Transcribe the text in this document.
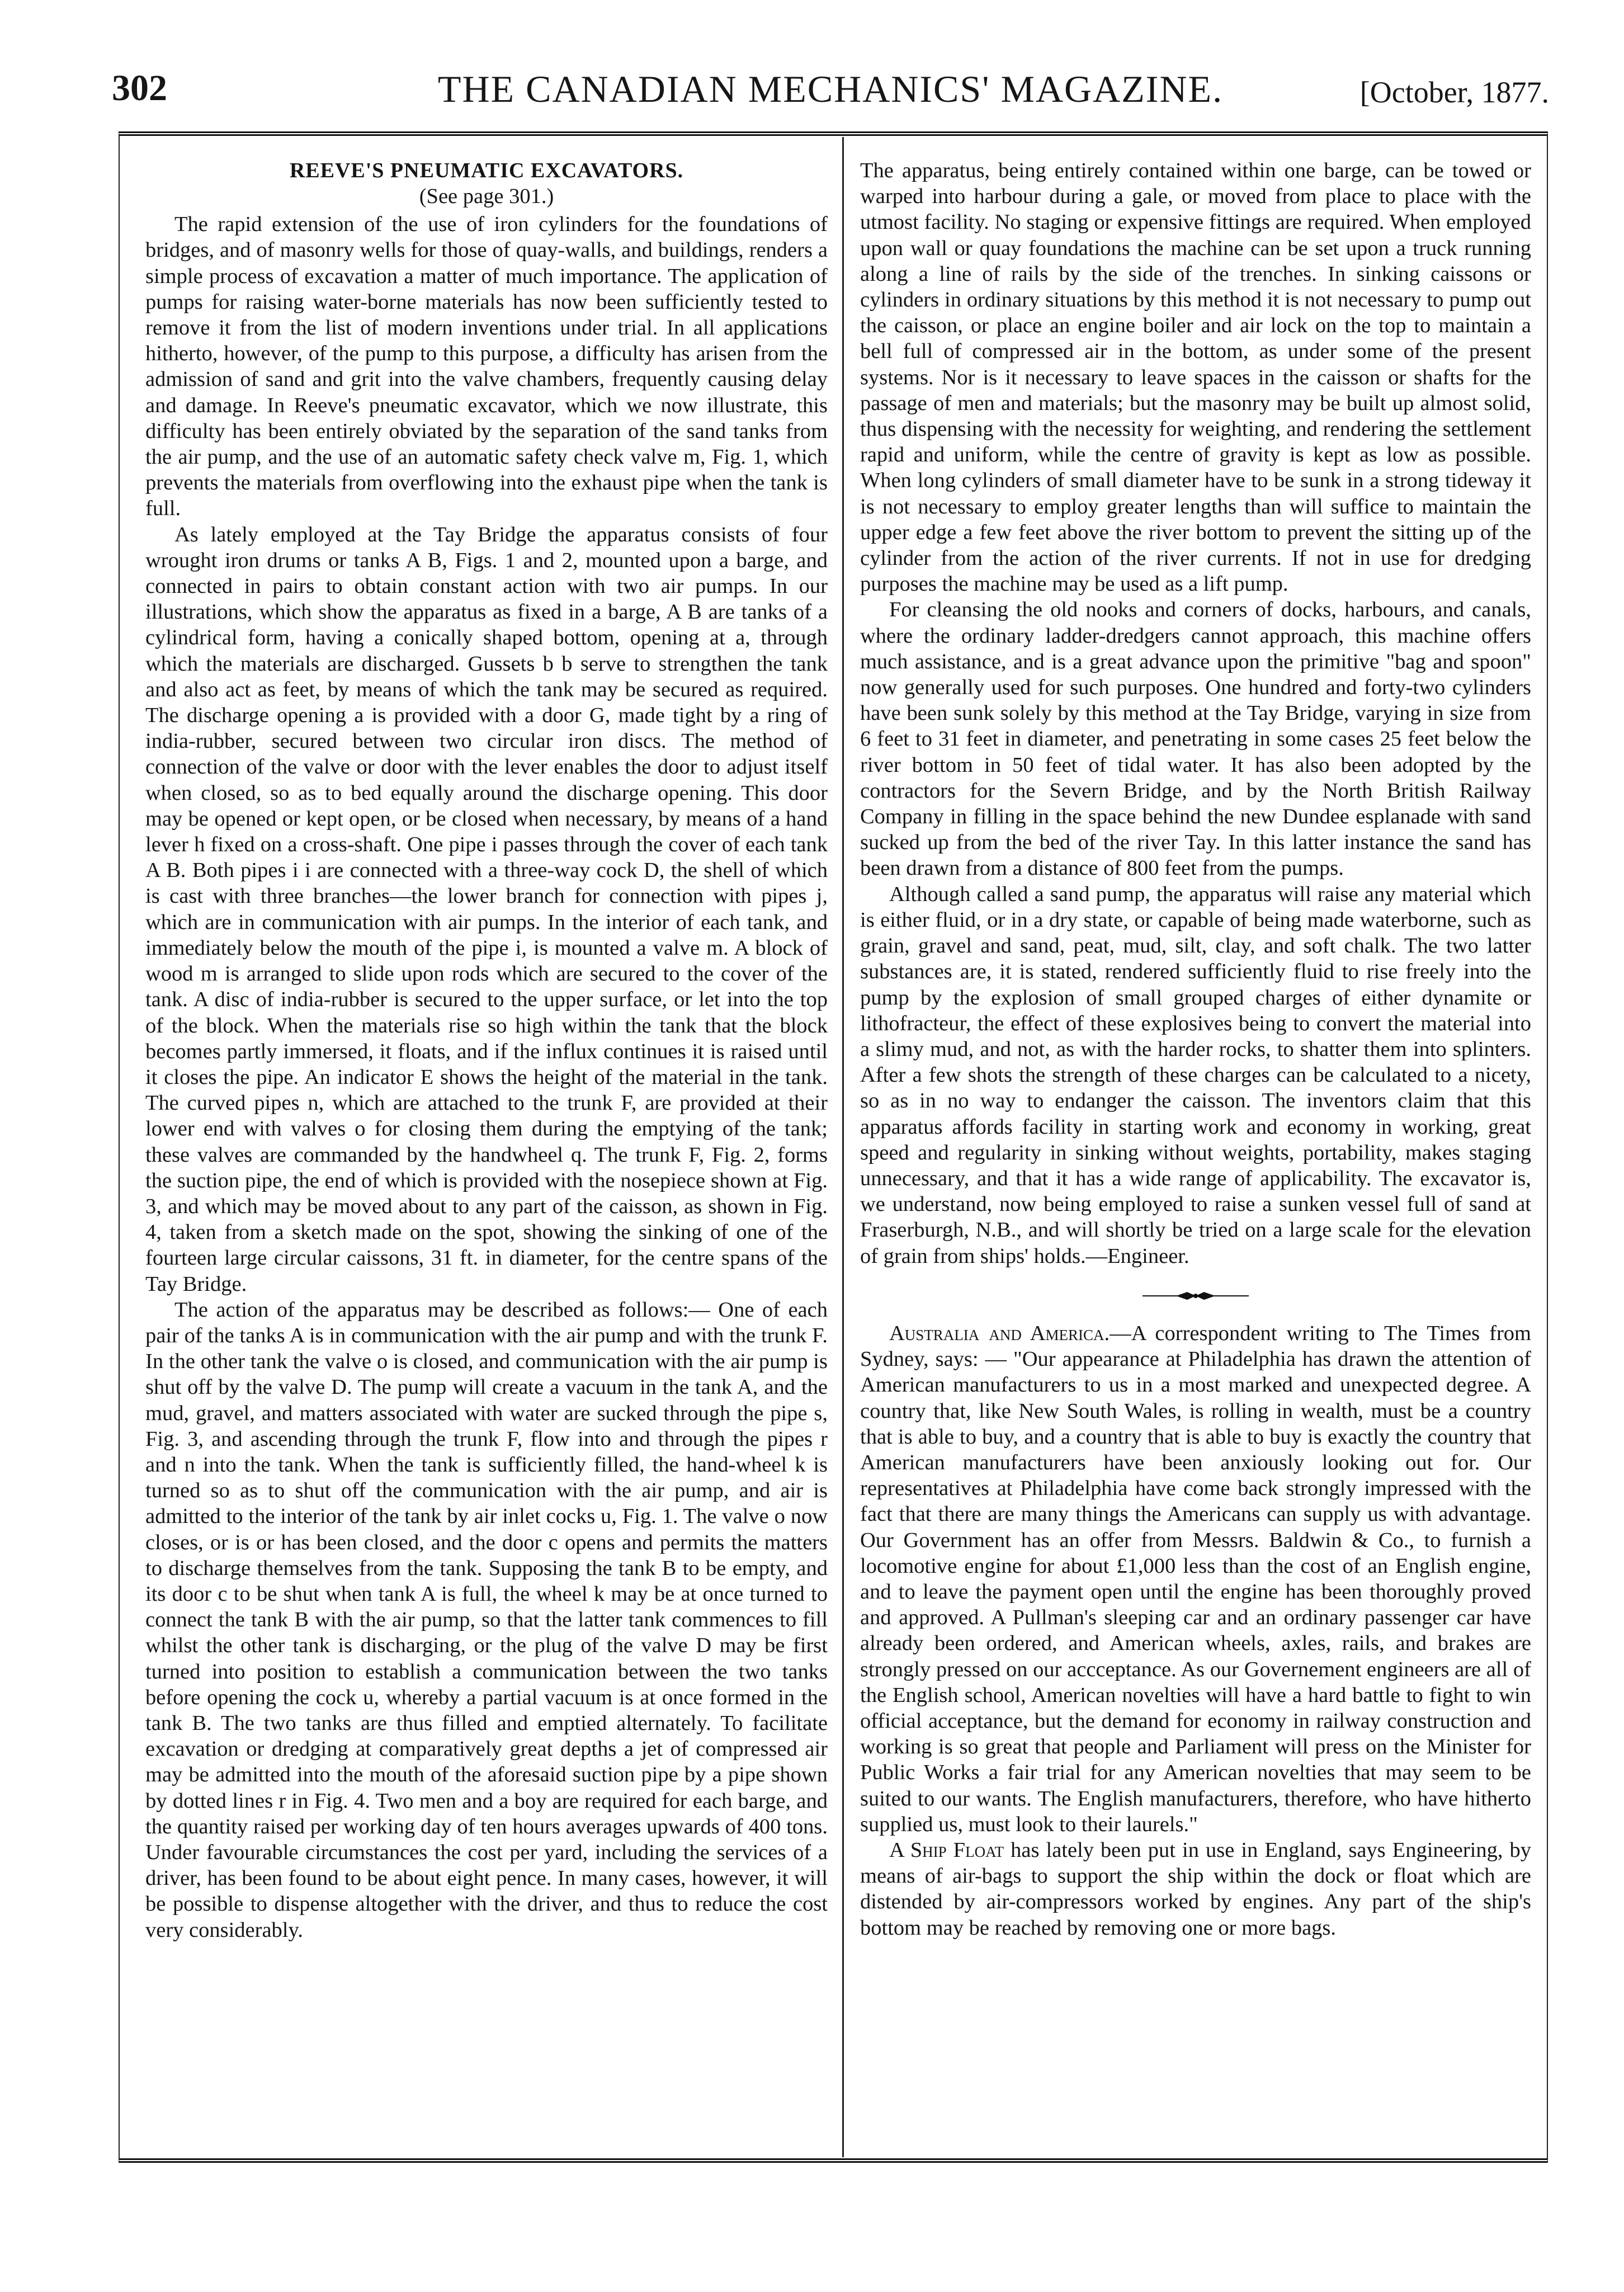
302	THE CANADIAN MECHANICS' MAGAZINE.	[October, 1877.
REEVE'S PNEUMATIC EXCAVATORS.
(See page 301.)

The rapid extension of the use of iron cylinders for the foundations of bridges, and of masonry wells for those of quay-walls, and buildings, renders a simple process of excavation a matter of much importance. The application of pumps for raising water-borne materials has now been sufficiently tested to remove it from the list of modern inventions under trial. In all applications hitherto, however, of the pump to this purpose, a difficulty has arisen from the admission of sand and grit into the valve chambers, frequently causing delay and damage. In Reeve's pneumatic excavator, which we now illustrate, this difficulty has been entirely obviated by the separation of the sand tanks from the air pump, and the use of an automatic safety check valve m, Fig. 1, which prevents the materials from overflowing into the exhaust pipe when the tank is full.

As lately employed at the Tay Bridge the apparatus consists of four wrought iron drums or tanks A B, Figs. 1 and 2, mounted upon a barge, and connected in pairs to obtain constant action with two air pumps. In our illustrations, which show the apparatus as fixed in a barge, A B are tanks of a cylindrical form, having a conically shaped bottom, opening at a, through which the materials are discharged. Gussets b b serve to strengthen the tank and also act as feet, by means of which the tank may be secured as required. The discharge opening a is provided with a door G, made tight by a ring of india-rubber, secured between two circular iron discs. The method of connection of the valve or door with the lever enables the door to adjust itself when closed, so as to bed equally around the discharge opening. This door may be opened or kept open, or be closed when necessary, by means of a hand lever h fixed on a cross-shaft. One pipe i passes through the cover of each tank A B. Both pipes i i are connected with a three-way cock D, the shell of which is cast with three branches—the lower branch for connection with pipes j, which are in communication with air pumps. In the interior of each tank, and immediately below the mouth of the pipe i, is mounted a valve m. A block of wood m is arranged to slide upon rods which are secured to the cover of the tank. A disc of india-rubber is secured to the upper surface, or let into the top of the block. When the materials rise so high within the tank that the block becomes partly immersed, it floats, and if the influx continues it is raised until it closes the pipe. An indicator E shows the height of the material in the tank. The curved pipes n, which are attached to the trunk F, are provided at their lower end with valves o for closing them during the emptying of the tank; these valves are commanded by the handwheel q. The trunk F, Fig. 2, forms the suction pipe, the end of which is provided with the nosepiece shown at Fig. 3, and which may be moved about to any part of the caisson, as shown in Fig. 4, taken from a sketch made on the spot, showing the sinking of one of the fourteen large circular caissons, 31 ft. in diameter, for the centre spans of the Tay Bridge.

The action of the apparatus may be described as follows:— One of each pair of the tanks A is in communication with the air pump and with the trunk F. In the other tank the valve o is closed, and communication with the air pump is shut off by the valve D. The pump will create a vacuum in the tank A, and the mud, gravel, and matters associated with water are sucked through the pipe s, Fig. 3, and ascending through the trunk F, flow into and through the pipes r and n into the tank. When the tank is sufficiently filled, the hand-wheel k is turned so as to shut off the communication with the air pump, and air is admitted to the interior of the tank by air inlet cocks u, Fig. 1. The valve o now closes, or is or has been closed, and the door c opens and permits the matters to discharge themselves from the tank. Supposing the tank B to be empty, and its door c to be shut when tank A is full, the wheel k may be at once turned to connect the tank B with the air pump, so that the latter tank commences to fill whilst the other tank is discharging, or the plug of the valve D may be first turned into position to establish a communication between the two tanks before opening the cock u, whereby a partial vacuum is at once formed in the tank B. The two tanks are thus filled and emptied alternately. To facilitate excavation or dredging at comparatively great depths a jet of compressed air may be admitted into the mouth of the aforesaid suction pipe by a pipe shown by dotted lines r in Fig. 4. Two men and a boy are required for each barge, and the quantity raised per working day of ten hours averages upwards of 400 tons. Under favourable circumstances the cost per yard, including the services of a driver, has been found to be about eight pence. In many cases, however, it will be possible to dispense altogether with the driver, and thus to reduce the cost very considerably.

The apparatus, being entirely contained within one barge, can be towed or warped into harbour during a gale, or moved from place to place with the utmost facility. No staging or expensive fittings are required. When employed upon wall or quay foundations the machine can be set upon a truck running along a line of rails by the side of the trenches. In sinking caissons or cylinders in ordinary situations by this method it is not necessary to pump out the caisson, or place an engine boiler and air lock on the top to maintain a bell full of compressed air in the bottom, as under some of the present systems. Nor is it necessary to leave spaces in the caisson or shafts for the passage of men and materials; but the masonry may be built up almost solid, thus dispensing with the necessity for weighting, and rendering the settlement rapid and uniform, while the centre of gravity is kept as low as possible. When long cylinders of small diameter have to be sunk in a strong tideway it is not necessary to employ greater lengths than will suffice to maintain the upper edge a few feet above the river bottom to prevent the sitting up of the cylinder from the action of the river currents. If not in use for dredging purposes the machine may be used as a lift pump.

For cleansing the old nooks and corners of docks, harbours, and canals, where the ordinary ladder-dredgers cannot approach, this machine offers much assistance, and is a great advance upon the primitive "bag and spoon" now generally used for such purposes. One hundred and forty-two cylinders have been sunk solely by this method at the Tay Bridge, varying in size from 6 feet to 31 feet in diameter, and penetrating in some cases 25 feet below the river bottom in 50 feet of tidal water. It has also been adopted by the contractors for the Severn Bridge, and by the North British Railway Company in filling in the space behind the new Dundee esplanade with sand sucked up from the bed of the river Tay. In this latter instance the sand has been drawn from a distance of 800 feet from the pumps.

Although called a sand pump, the apparatus will raise any material which is either fluid, or in a dry state, or capable of being made waterborne, such as grain, gravel and sand, peat, mud, silt, clay, and soft chalk. The two latter substances are, it is stated, rendered sufficiently fluid to rise freely into the pump by the explosion of small grouped charges of either dynamite or lithofracteur, the effect of these explosives being to convert the material into a slimy mud, and not, as with the harder rocks, to shatter them into splinters. After a few shots the strength of these charges can be calculated to a nicety, so as in no way to endanger the caisson. The inventors claim that this apparatus affords facility in starting work and economy in working, great speed and regularity in sinking without weights, portability, makes staging unnecessary, and that it has a wide range of applicability. The excavator is, we understand, now being employed to raise a sunken vessel full of sand at Fraserburgh, N.B., and will shortly be tried on a large scale for the elevation of grain from ships' holds.—Engineer.

Australia and America.—A correspondent writing to The Times from Sydney, says: — "Our appearance at Philadelphia has drawn the attention of American manufacturers to us in a most marked and unexpected degree. A country that, like New South Wales, is rolling in wealth, must be a country that is able to buy, and a country that is able to buy is exactly the country that American manufacturers have been anxiously looking out for. Our representatives at Philadelphia have come back strongly impressed with the fact that there are many things the Americans can supply us with advantage. Our Government has an offer from Messrs. Baldwin & Co., to furnish a locomotive engine for about £1,000 less than the cost of an English engine, and to leave the payment open until the engine has been thoroughly proved and approved. A Pullman's sleeping car and an ordinary passenger car have already been ordered, and American wheels, axles, rails, and brakes are strongly pressed on our accceptance. As our Governement engineers are all of the English school, American novelties will have a hard battle to fight to win official acceptance, but the demand for economy in railway construction and working is so great that people and Parliament will press on the Minister for Public Works a fair trial for any American novelties that may seem to be suited to our wants. The English manufacturers, therefore, who have hitherto supplied us, must look to their laurels."

A Ship Float has lately been put in use in England, says Engineering, by means of air-bags to support the ship within the dock or float which are distended by air-compressors worked by engines. Any part of the ship's bottom may be reached by removing one or more bags.
